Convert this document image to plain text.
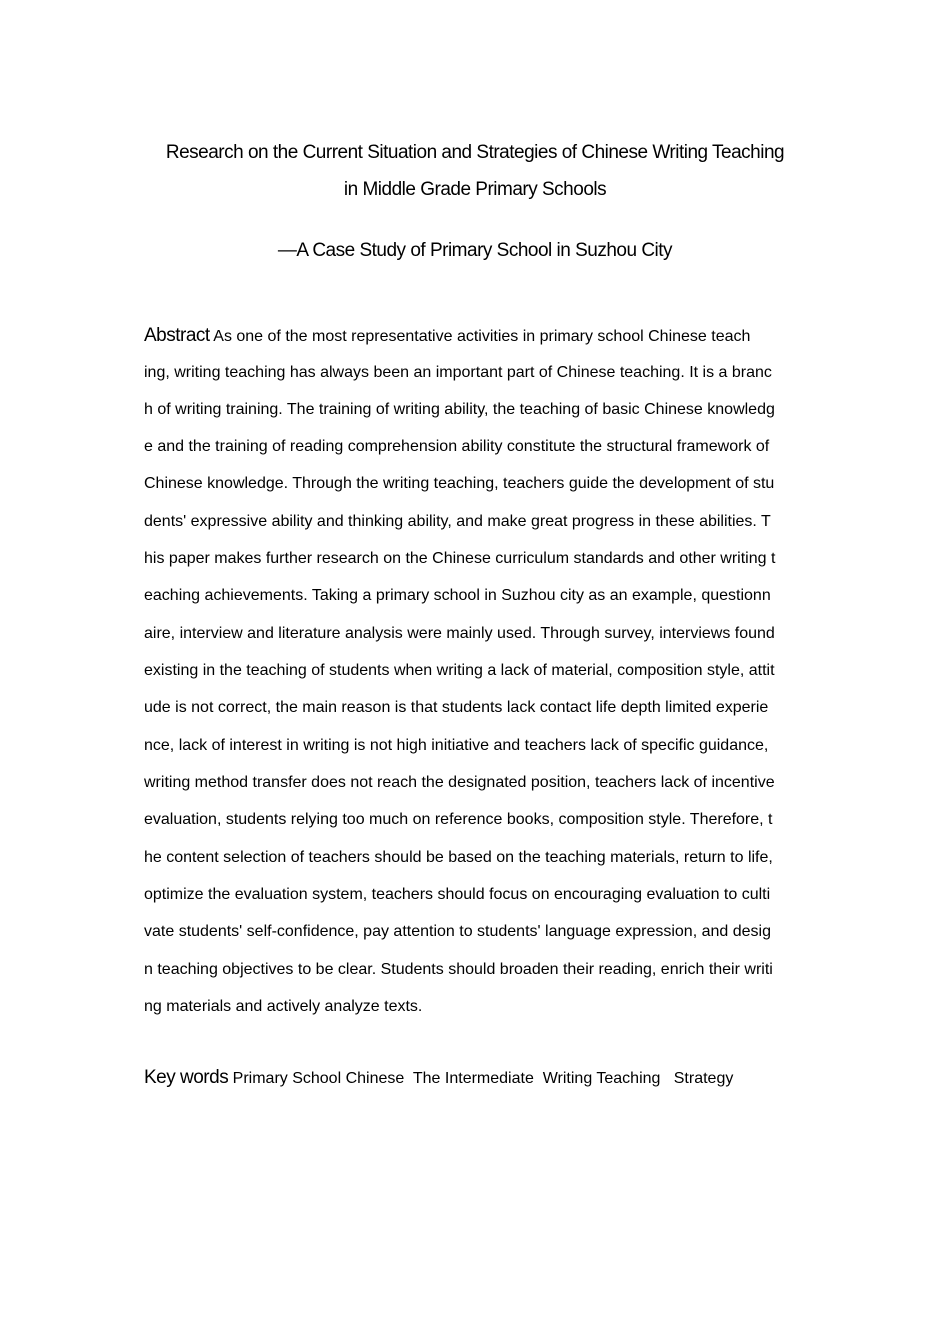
Research on the Current Situation and Strategies of Chinese Writing Teaching
in Middle Grade Primary Schools
—A Case Study of Primary School in Suzhou City
Abstract As one of the most representative activities in primary school Chinese teach
ing, writing teaching has always been an important part of Chinese teaching. It is a branc
h of writing training. The training of writing ability, the teaching of basic Chinese knowledg
e and the training of reading comprehension ability constitute the structural framework of
Chinese knowledge. Through the writing teaching, teachers guide the development of stu
dents' expressive ability and thinking ability, and make great progress in these abilities. T
his paper makes further research on the Chinese curriculum standards and other writing t
eaching achievements. Taking a primary school in Suzhou city as an example, questionn
aire, interview and literature analysis were mainly used. Through survey, interviews found
existing in the teaching of students when writing a lack of material, composition style, attit
ude is not correct, the main reason is that students lack contact life depth limited experie
nce, lack of interest in writing is not high initiative and teachers lack of specific guidance,
writing method transfer does not reach the designated position, teachers lack of incentive
evaluation, students relying too much on reference books, composition style. Therefore, t
he content selection of teachers should be based on the teaching materials, return to life,
optimize the evaluation system, teachers should focus on encouraging evaluation to culti
vate students' self-confidence, pay attention to students' language expression, and desig
n teaching objectives to be clear. Students should broaden their reading, enrich their writi
ng materials and actively analyze texts.
Key words Primary School Chinese  The Intermediate  Writing Teaching   Strategy
